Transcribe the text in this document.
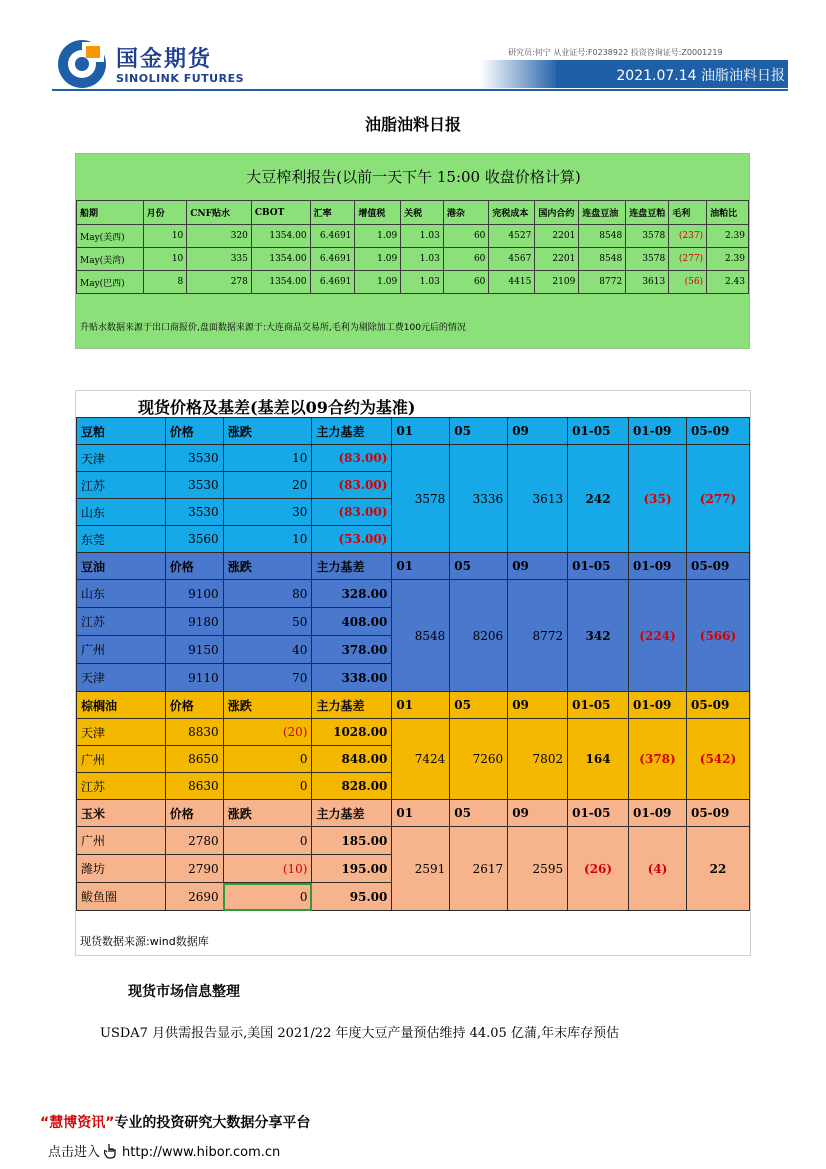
国金期货
SINOLINK FUTURES
研究员:何宁 从业证号:F0238922 投资咨询证号:Z0001219
2021.07.14 油脂油料日报
油脂油料日报
大豆榨利报告(以前一天下午 15:00 收盘价格计算)
船期	月份	CNF贴水	CBOT	汇率	增值税	关税	港杂	完税成本	国内合约	连盘豆油	连盘豆粕	毛利	油粕比
May(美西)	10	320	1354.00	6.4691	1.09	1.03	60	4527	2201	8548	3578	(237)	2.39
May(美湾)	10	335	1354.00	6.4691	1.09	1.03	60	4567	2201	8548	3578	(277)	2.39
May(巴西)	8	278	1354.00	6.4691	1.09	1.03	60	4415	2109	8772	3613	(56)	2.43
升贴水数据来源于出口商报价,盘面数据来源于:大连商品交易所,毛利为剔除加工费100元后的情况
现货价格及基差(基差以09合约为基准)
豆粕	价格	涨跌	主力基差	01	05	09	01-05	01-09	05-09
天津	3530	10	(83.00)	3578	3336	3613	242	(35)	(277)
江苏	3530	20	(83.00)						
山东	3530	30	(83.00)						
东莞	3560	10	(53.00)						
豆油	价格	涨跌	主力基差	01	05	09	01-05	01-09	05-09
山东	9100	80	328.00	8548	8206	8772	342	(224)	(566)
江苏	9180	50	408.00						
广州	9150	40	378.00						
天津	9110	70	338.00						
棕榈油	价格	涨跌	主力基差	01	05	09	01-05	01-09	05-09
天津	8830	(20)	1028.00	7424	7260	7802	164	(378)	(542)
广州	8650	0	848.00						
江苏	8630	0	828.00						
玉米	价格	涨跌	主力基差	01	05	09	01-05	01-09	05-09
广州	2780	0	185.00	2591	2617	2595	(26)	(4)	22
潍坊	2790	(10)	195.00						
鲅鱼圈	2690	0	95.00						
现货数据来源:wind数据库
现货市场信息整理
USDA7 月供需报告显示,美国 2021/22 年度大豆产量预估维持 44.05 亿蒲,年末库存预估
“慧博资讯”专业的投资研究大数据分享平台
点击进入 http://www.hibor.com.cn
